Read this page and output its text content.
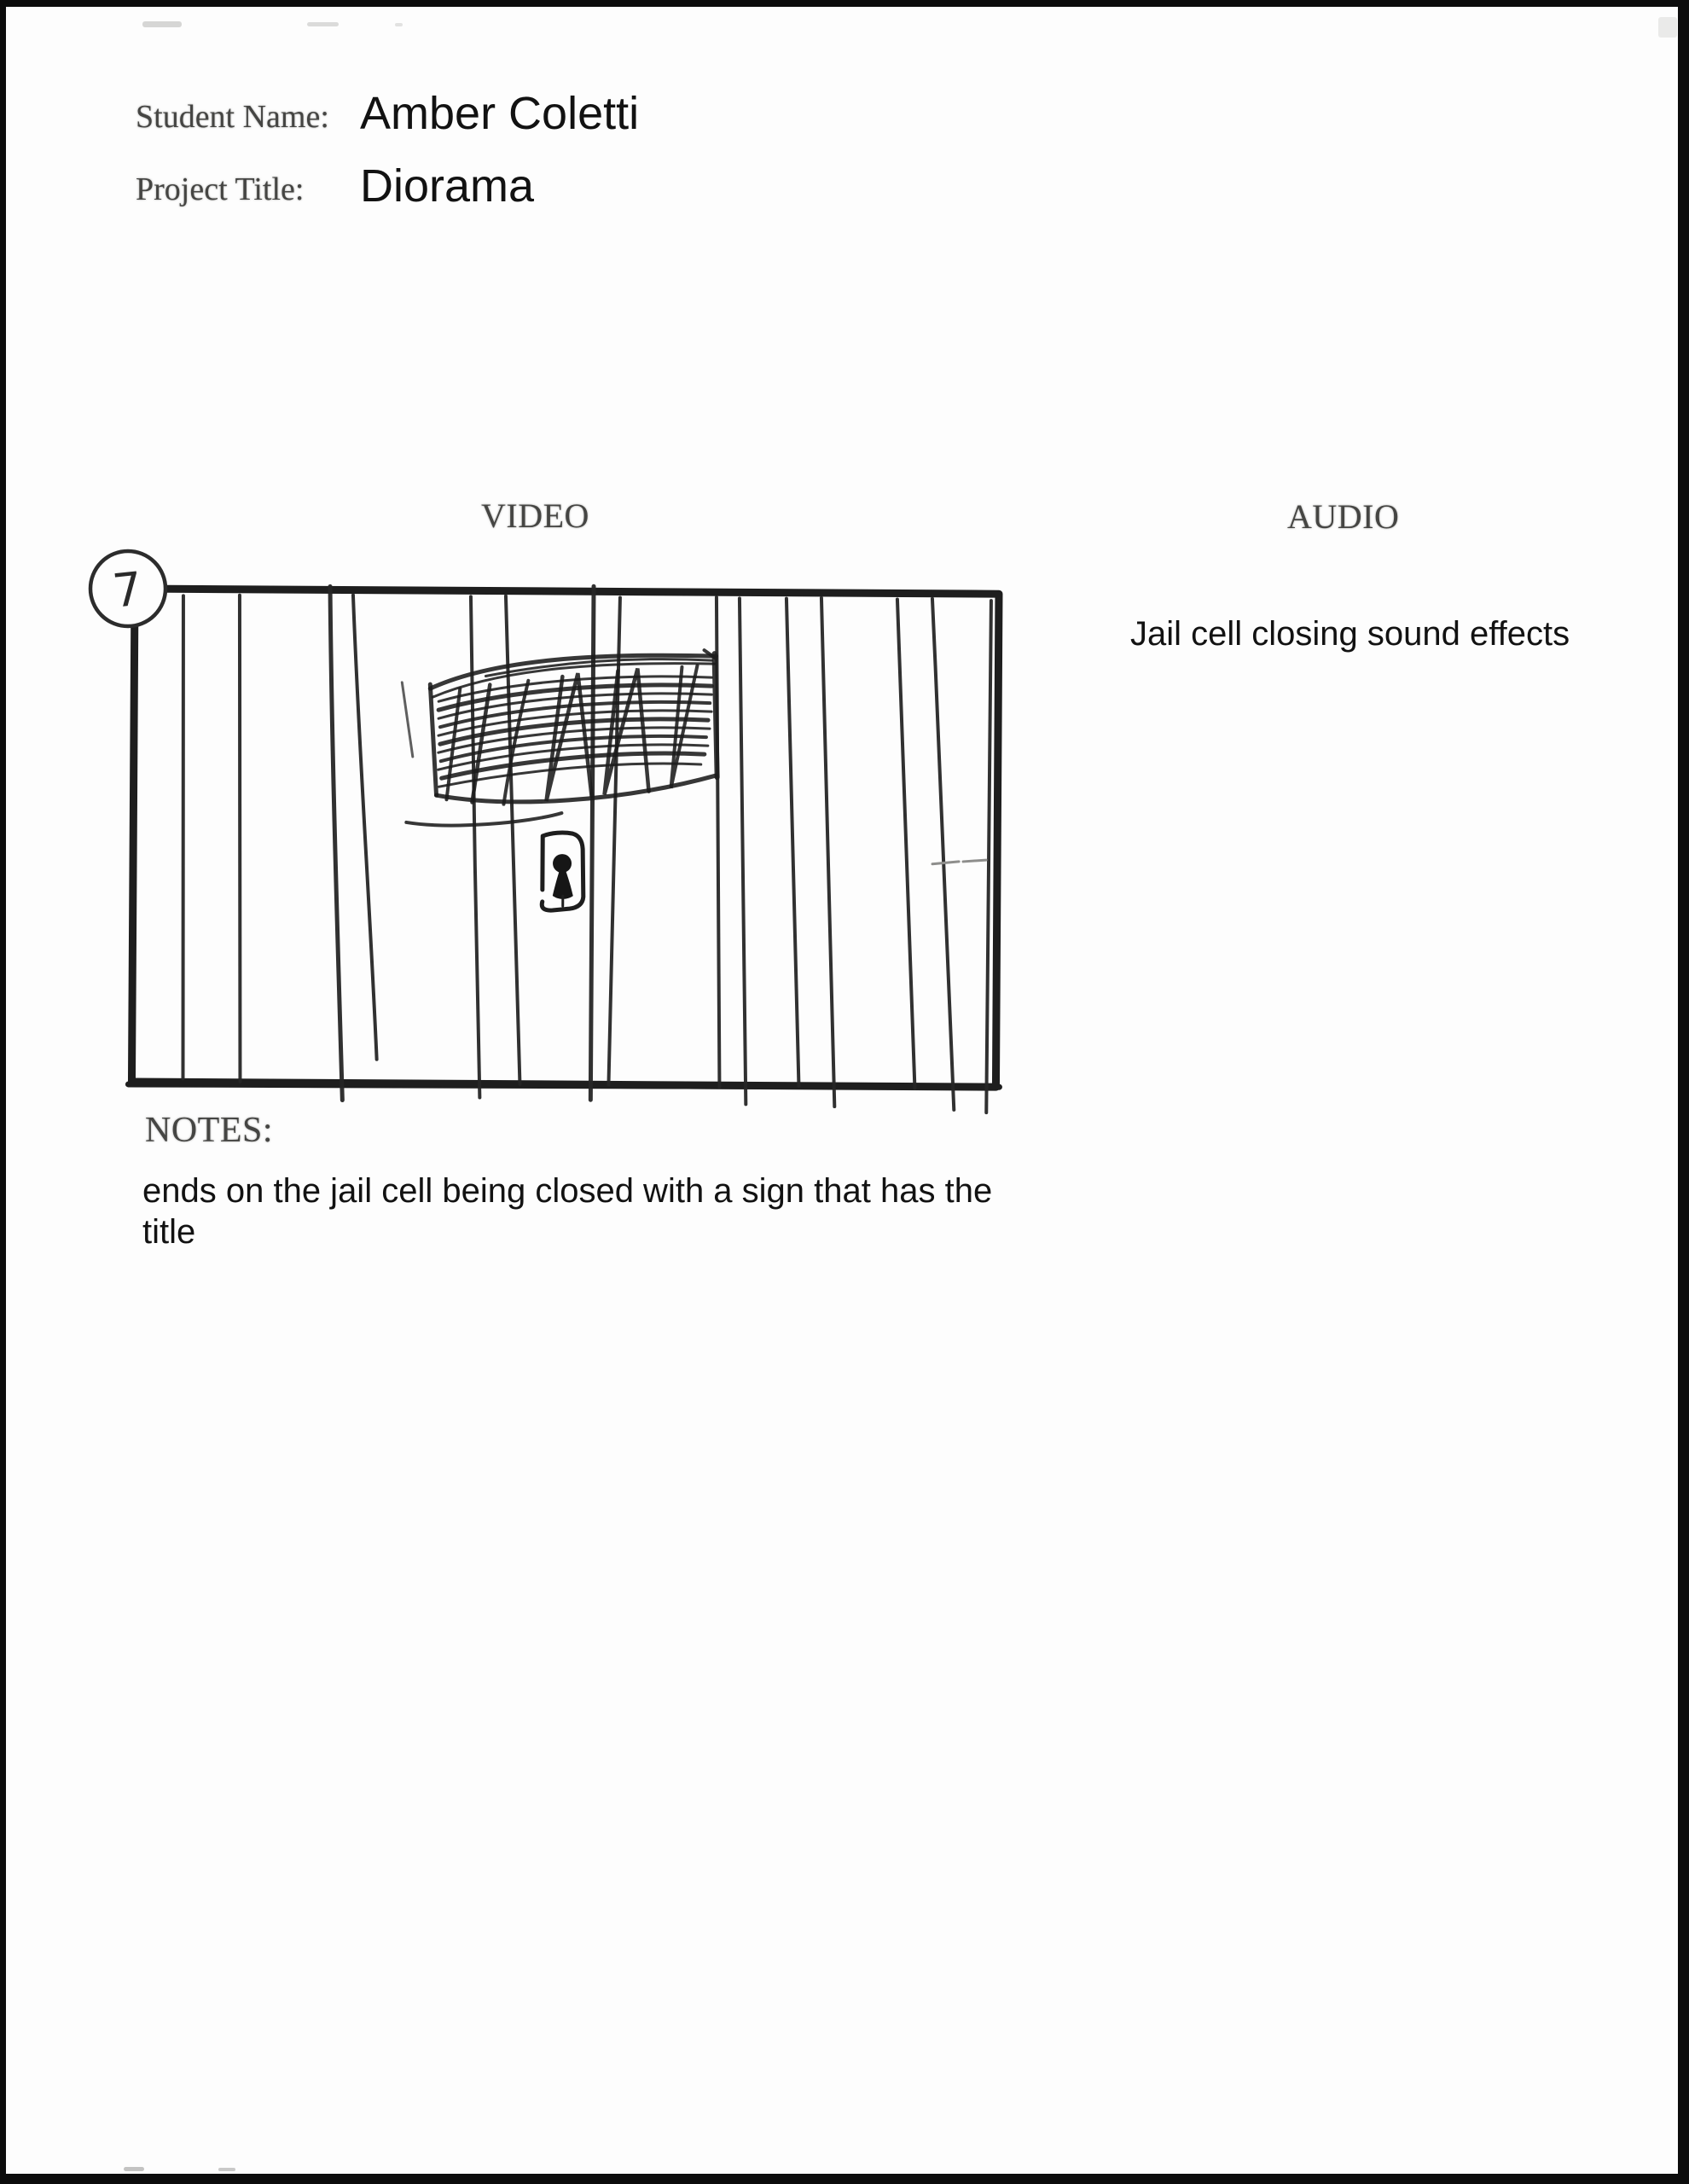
Student Name: Amber Coletti
Project Title: Diorama
VIDEO	AUDIO
Jail cell closing sound effects
7
NOTES:
ends on the jail cell being closed with a sign that has the title
